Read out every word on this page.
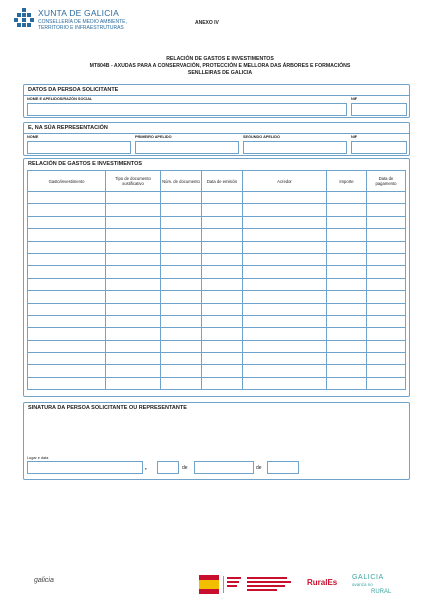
XUNTA DE GALICIA
CONSELLERÍA DE MEDIO AMBIENTE,
TERRITORIO E INFRAESTRUTURAS
ANEXO IV
RELACIÓN DE GASTOS E INVESTIMENTOS
MT804B - AXUDAS PARA A CONSERVACIÓN, PROTECCIÓN E MELLORA DAS ÁRBORES E FORMACIÓNS
SENLLEIRAS DE GALICIA
DATOS DA PERSOA SOLICITANTE
NOME E APELIDOS/RAZÓN SOCIAL	NIF
E, NA SÚA REPRESENTACIÓN
NOME	PRIMEIRO APELIDO	SEGUNDO APELIDO	NIF
RELACIÓN DE GASTOS E INVESTIMENTOS
Gasto/investimento	Tipo de documento xustificativo	Núm. de documento	Data de emisión	Acredor	Importe	Data de pagamento

SINATURA DA PERSOA SOLICITANTE OU REPRESENTANTE
Lugar e data
,	de	de
galicia	RuralEs
GALICIA
avanza no
RURAL
